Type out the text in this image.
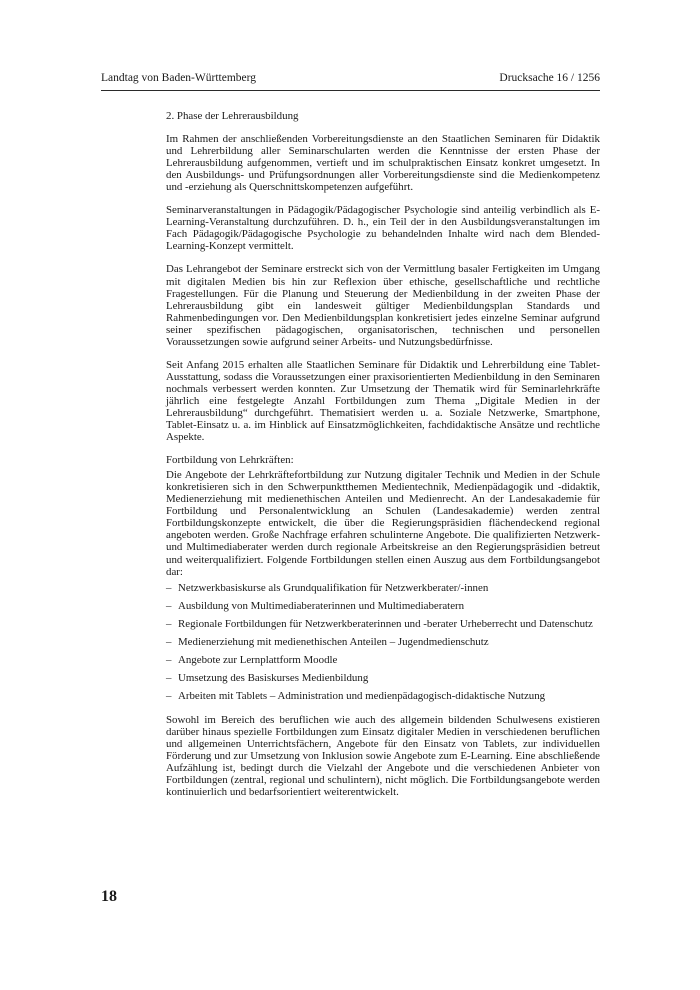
Landtag von Baden-Württemberg	Drucksache 16 / 1256

2. Phase der Lehrerausbildung

Im Rahmen der anschließenden Vorbereitungsdienste an den Staatlichen Seminaren für Didaktik und Lehrerbildung aller Seminarschularten werden die Kenntnisse der ersten Phase der Lehrerausbildung aufgenommen, vertieft und im schulpraktischen Einsatz konkret umgesetzt. In den Ausbildungs- und Prüfungsordnungen aller Vorbereitungsdienste sind die Medienkompetenz und -erziehung als Querschnittskompetenzen aufgeführt.

Seminarveranstaltungen in Pädagogik/Pädagogischer Psychologie sind anteilig verbindlich als E-Learning-Veranstaltung durchzuführen. D. h., ein Teil der in den Ausbildungsveranstaltungen im Fach Pädagogik/Pädagogische Psychologie zu behandelnden Inhalte wird nach dem Blended-Learning-Konzept vermittelt.

Das Lehrangebot der Seminare erstreckt sich von der Vermittlung basaler Fertigkeiten im Umgang mit digitalen Medien bis hin zur Reflexion über ethische, gesellschaftliche und rechtliche Fragestellungen. Für die Planung und Steuerung der Medienbildung in der zweiten Phase der Lehrerausbildung gibt ein landesweit gültiger Medienbildungsplan Standards und Rahmenbedingungen vor. Den Medienbildungsplan konkretisiert jedes einzelne Seminar aufgrund seiner spezifischen pädagogischen, organisatorischen, technischen und personellen Voraussetzungen sowie aufgrund seiner Arbeits- und Nutzungsbedürfnisse.

Seit Anfang 2015 erhalten alle Staatlichen Seminare für Didaktik und Lehrerbildung eine Tablet-Ausstattung, sodass die Voraussetzungen einer praxisorientierten Medienbildung in den Seminaren nochmals verbessert werden konnten. Zur Umsetzung der Thematik wird für Seminarlehrkräfte jährlich eine festgelegte Anzahl Fortbildungen zum Thema „Digitale Medien in der Lehrerausbildung“ durchgeführt. Thematisiert werden u. a. Soziale Netzwerke, Smartphone, Tablet-Einsatz u. a. im Hinblick auf Einsatzmöglichkeiten, fachdidaktische Ansätze und rechtliche Aspekte.

Fortbildung von Lehrkräften:

Die Angebote der Lehrkräftefortbildung zur Nutzung digitaler Technik und Medien in der Schule konkretisieren sich in den Schwerpunktthemen Medientechnik, Medienpädagogik und -didaktik, Medienerziehung mit medienethischen Anteilen und Medienrecht. An der Landesakademie für Fortbildung und Personalentwicklung an Schulen (Landesakademie) werden zentral Fortbildungskonzepte entwickelt, die über die Regierungspräsidien flächendeckend regional angeboten werden. Große Nachfrage erfahren schulinterne Angebote. Die qualifizierten Netzwerk- und Multimediaberater werden durch regionale Arbeitskreise an den Regierungspräsidien betreut und weiterqualifiziert. Folgende Fortbildungen stellen einen Auszug aus dem Fortbildungsangebot dar:

– Netzwerkbasiskurse als Grundqualifikation für Netzwerkberater/-innen
– Ausbildung von Multimediaberaterinnen und Multimediaberatern
– Regionale Fortbildungen für Netzwerkberaterinnen und -berater Urheberrecht und Datenschutz
– Medienerziehung mit medienethischen Anteilen – Jugendmedienschutz
– Angebote zur Lernplattform Moodle
– Umsetzung des Basiskurses Medienbildung
– Arbeiten mit Tablets – Administration und medienpädagogisch-didaktische Nutzung

Sowohl im Bereich des beruflichen wie auch des allgemein bildenden Schulwesens existieren darüber hinaus spezielle Fortbildungen zum Einsatz digitaler Medien in verschiedenen beruflichen und allgemeinen Unterrichtsfächern, Angebote für den Einsatz von Tablets, zur individuellen Förderung und zur Umsetzung von Inklusion sowie Angebote zum E-Learning. Eine abschließende Aufzählung ist, bedingt durch die Vielzahl der Angebote und die verschiedenen Anbieter von Fortbildungen (zentral, regional und schulintern), nicht möglich. Die Fortbildungsangebote werden kontinuierlich und bedarfsorientiert weiterentwickelt.

18
